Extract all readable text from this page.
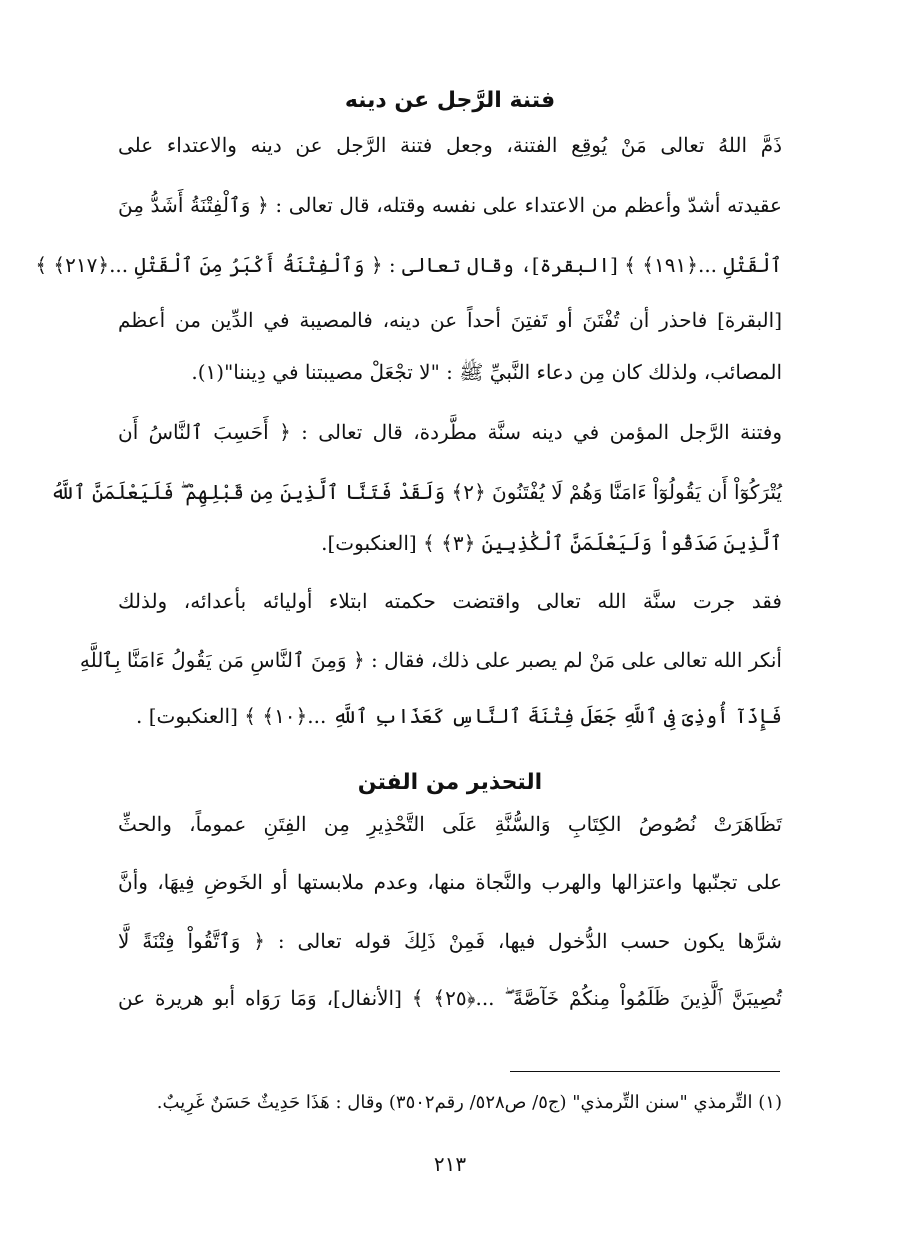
فتنة الرَّجل عن دينه
ذَمَّ اللهُ تعالى مَنْ يُوقِع الفتنة، وجعل فتنة الرَّجل عن دينه والاعتداء على
عقيدته أشدّ وأعظم من الاعتداء على نفسه وقتله، قال تعالى : ﴿ وَٱلْفِتْنَةُ أَشَدُّ مِنَ
ٱلْقَتْلِ ...﴿١٩١﴾ ﴾ [البقرة]، وقال تعالى : ﴿ وَٱلْفِتْنَةُ أَكْبَرُ مِنَ ٱلْقَتْلِ ...﴿٢١٧﴾ ﴾
[البقرة] فاحذر أن تُفْتَنَ أو تَفتِنَ أحداً عن دينه، فالمصيبة في الدِّين من أعظم
المصائب، ولذلك كان مِن دعاء النَّبيِّ ﷺ : "لا تجْعَلْ مصيبتنا في دِيننا"(١).
وفتنة الرَّجل المؤمن في دينه سنَّة مطَّردة، قال تعالى : ﴿ أَحَسِبَ ٱلنَّاسُ أَن
يُتْرَكُوٓاْ أَن يَقُولُوٓاْ ءَامَنَّا وَهُمْ لَا يُفْتَنُونَ ﴿٢﴾ وَلَقَدْ فَتَنَّا ٱلَّذِينَ مِن قَبْلِهِمْ ۖ فَلَيَعْلَمَنَّ ٱللَّهُ
ٱلَّذِينَ صَدَقُواْ وَلَيَعْلَمَنَّ ٱلْكَٰذِبِينَ ﴿٣﴾ ﴾ [العنكبوت].
فقد جرت سنَّة الله تعالى واقتضت حكمته ابتلاء أوليائه بأعدائه، ولذلك
أنكر الله تعالى على مَنْ لم يصبر على ذلك، فقال : ﴿ وَمِنَ ٱلنَّاسِ مَن يَقُولُ ءَامَنَّا بِٱللَّهِ
فَإِذَآ أُوذِىَ فِى ٱللَّهِ جَعَلَ فِتْنَةَ ٱلنَّاسِ كَعَذَابِ ٱللَّهِ ...﴿١٠﴾ ﴾ [العنكبوت] .
التحذير من الفتن
تَظَاهَرَتْ نُصُوصُ الكِتَابِ وَالسُّنَّةِ عَلَى التَّحْذِيرِ مِن الفِتَنِ عموماً، والحثِّ
على تجنّبها واعتزالها والهرب والنَّجاة منها، وعدم ملابستها أو الخَوضِ فِيهَا، وأنَّ
شرَّها يكون حسب الدُّخول فيها، فَمِنْ ذَلِكَ قوله تعالى : ﴿ وَٱتَّقُواْ فِتْنَةً لَّا
تُصِيبَنَّ ٱلَّذِينَ ظَلَمُواْ مِنكُمْ خَآصَّةً ۖ ...﴿٢٥﴾ ﴾ [الأنفال]، وَمَا رَوَاه أبو هريرة عن
(١) التِّرمذي "سنن التِّرمذي" (ج٥/ ص٥٢٨/ رقم٣٥٠٢) وقال : هَذَا حَدِيثٌ حَسَنٌ غَرِيبٌ.
٢١٣
